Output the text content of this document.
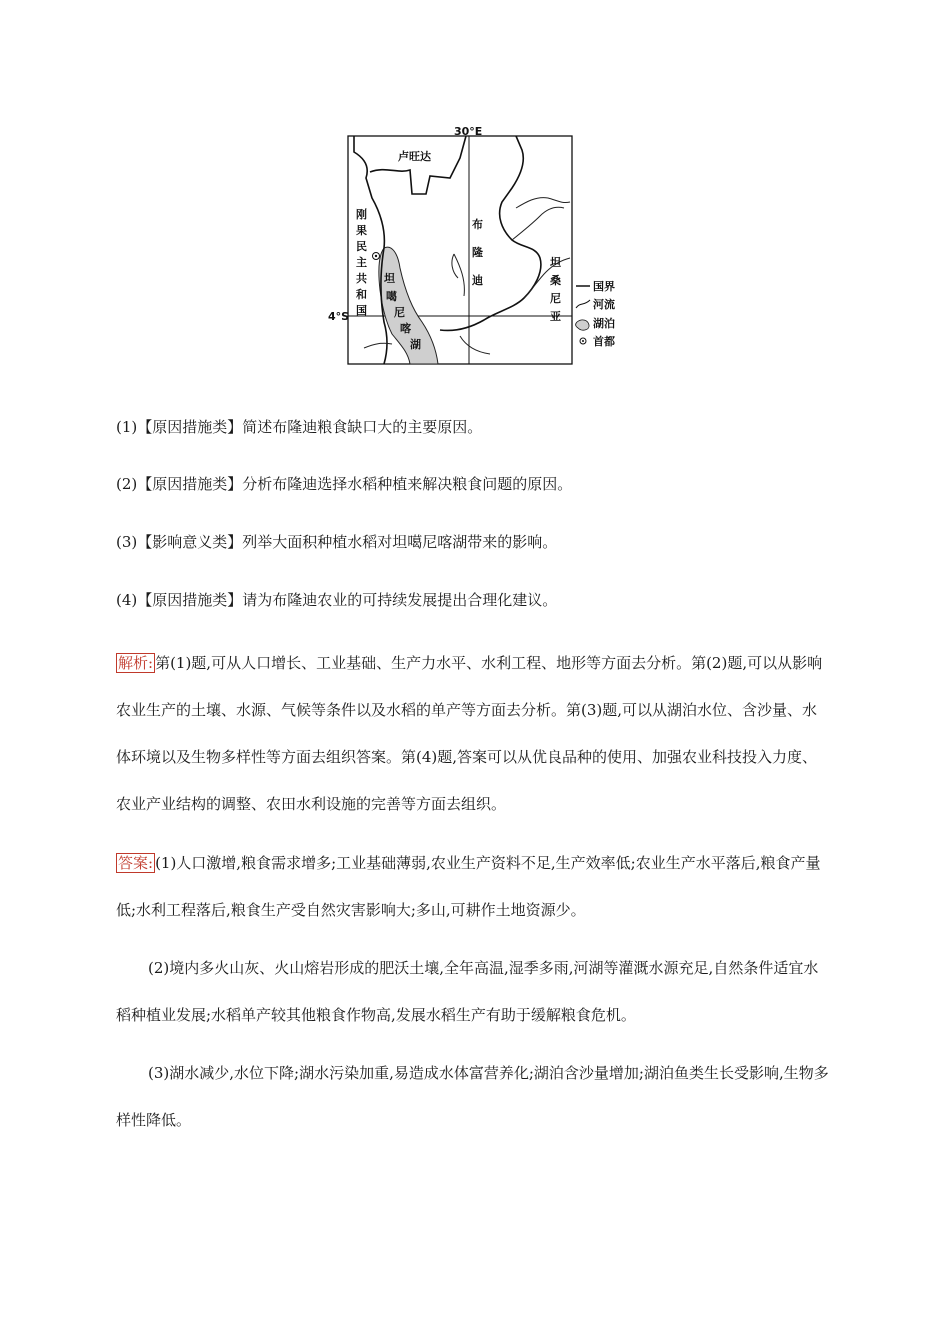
30°E
4°S
卢旺达
刚
果
民
主
共
和
国
布
隆
迪
坦
桑
尼
亚
坦
噶
尼
喀
湖
国界
河流
湖泊
首都

(1)【原因措施类】简述布隆迪粮食缺口大的主要原因。

(2)【原因措施类】分析布隆迪选择水稻种植来解决粮食问题的原因。

(3)【影响意义类】列举大面积种植水稻对坦噶尼喀湖带来的影响。

(4)【原因措施类】请为布隆迪农业的可持续发展提出合理化建议。

解析: 第(1)题,可从人口增长、工业基础、生产力水平、水利工程、地形等方面去分析。第(2)题,可以从影响农业生产的土壤、水源、气候等条件以及水稻的单产等方面去分析。第(3)题,可以从湖泊水位、含沙量、水体环境以及生物多样性等方面去组织答案。第(4)题,答案可以从优良品种的使用、加强农业科技投入力度、农业产业结构的调整、农田水利设施的完善等方面去组织。

答案: (1)人口激增,粮食需求增多;工业基础薄弱,农业生产资料不足,生产效率低;农业生产水平落后,粮食产量低;水利工程落后,粮食生产受自然灾害影响大;多山,可耕作土地资源少。

(2)境内多火山灰、火山熔岩形成的肥沃土壤,全年高温,湿季多雨,河湖等灌溉水源充足,自然条件适宜水稻种植业发展;水稻单产较其他粮食作物高,发展水稻生产有助于缓解粮食危机。

(3)湖水减少,水位下降;湖水污染加重,易造成水体富营养化;湖泊含沙量增加;湖泊鱼类生长受影响,生物多样性降低。
